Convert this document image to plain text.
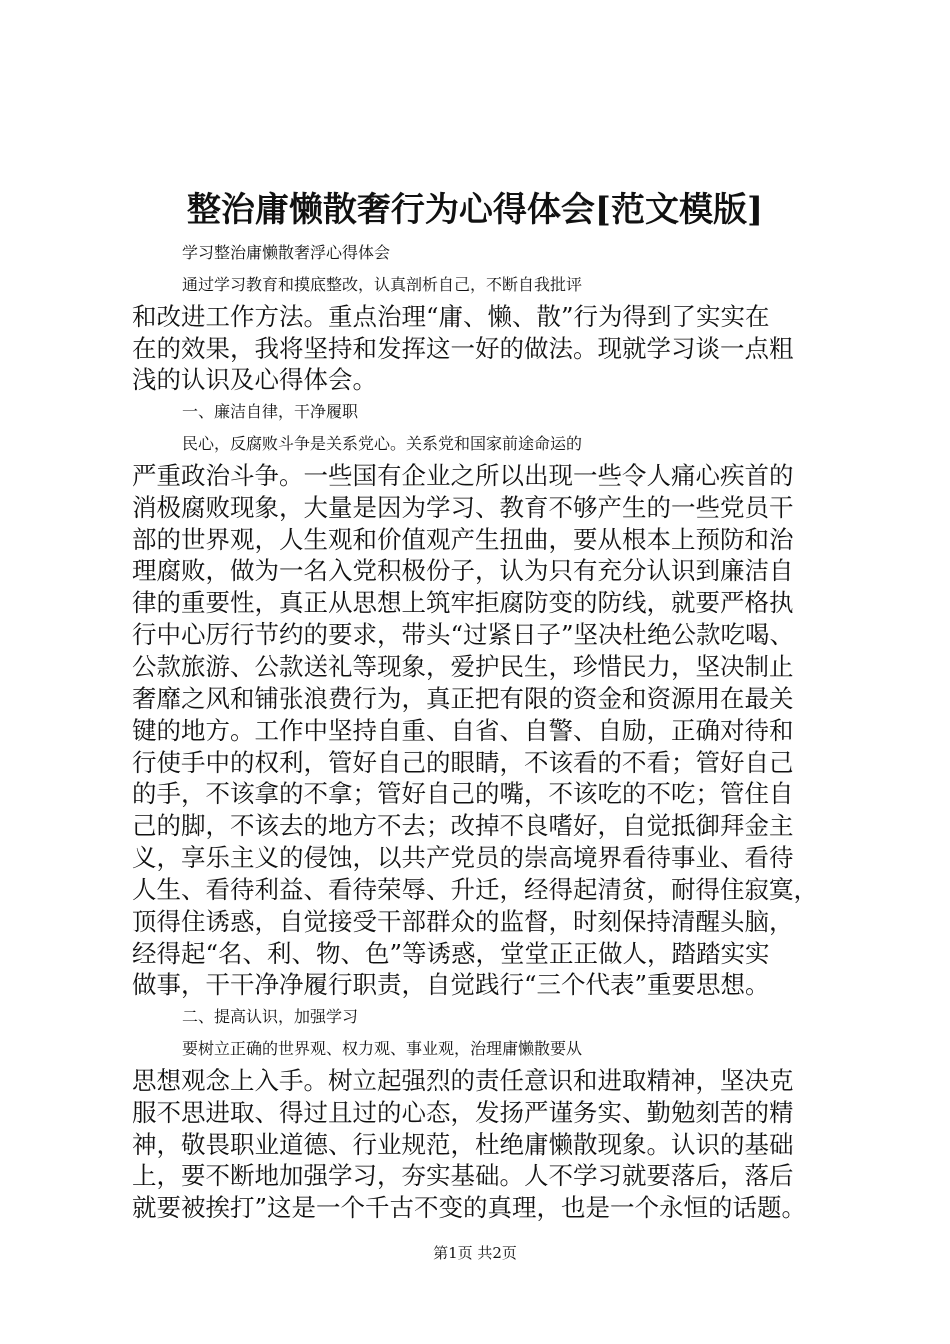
整治庸懒散奢行为心得体会[范文模版]
学习整治庸懒散奢浮心得体会
通过学习教育和摸底整改，认真剖析自己，不断自我批评
和改进工作方法。重点治理“庸、懒、散”行为得到了实实在
在的效果，我将坚持和发挥这一好的做法。现就学习谈一点粗
浅的认识及心得体会。
一、廉洁自律，干净履职
民心，反腐败斗争是关系党心。关系党和国家前途命运的
严重政治斗争。一些国有企业之所以出现一些令人痛心疾首的
消极腐败现象，大量是因为学习、教育不够产生的一些党员干
部的世界观，人生观和价值观产生扭曲，要从根本上预防和治
理腐败，做为一名入党积极份子，认为只有充分认识到廉洁自
律的重要性，真正从思想上筑牢拒腐防变的防线，就要严格执
行中心厉行节约的要求，带头“过紧日子”坚决杜绝公款吃喝、
公款旅游、公款送礼等现象，爱护民生，珍惜民力，坚决制止
奢靡之风和铺张浪费行为，真正把有限的资金和资源用在最关
键的地方。工作中坚持自重、自省、自警、自励，正确对待和
行使手中的权利，管好自己的眼睛，不该看的不看；管好自己
的手，不该拿的不拿；管好自己的嘴，不该吃的不吃；管住自
己的脚，不该去的地方不去；改掉不良嗜好，自觉抵御拜金主
义，享乐主义的侵蚀，以共产党员的崇高境界看待事业、看待
人生、看待利益、看待荣辱、升迁，经得起清贫，耐得住寂寞，
顶得住诱惑，自觉接受干部群众的监督，时刻保持清醒头脑，
经得起“名、利、物、色”等诱惑，堂堂正正做人，踏踏实实
做事，干干净净履行职责，自觉践行“三个代表”重要思想。
二、提高认识，加强学习
要树立正确的世界观、权力观、事业观，治理庸懒散要从
思想观念上入手。树立起强烈的责任意识和进取精神，坚决克
服不思进取、得过且过的心态，发扬严谨务实、勤勉刻苦的精
神，敬畏职业道德、行业规范，杜绝庸懒散现象。认识的基础
上，要不断地加强学习，夯实基础。人不学习就要落后，落后
就要被挨打”这是一个千古不变的真理，也是一个永恒的话题。
第1页 共2页
